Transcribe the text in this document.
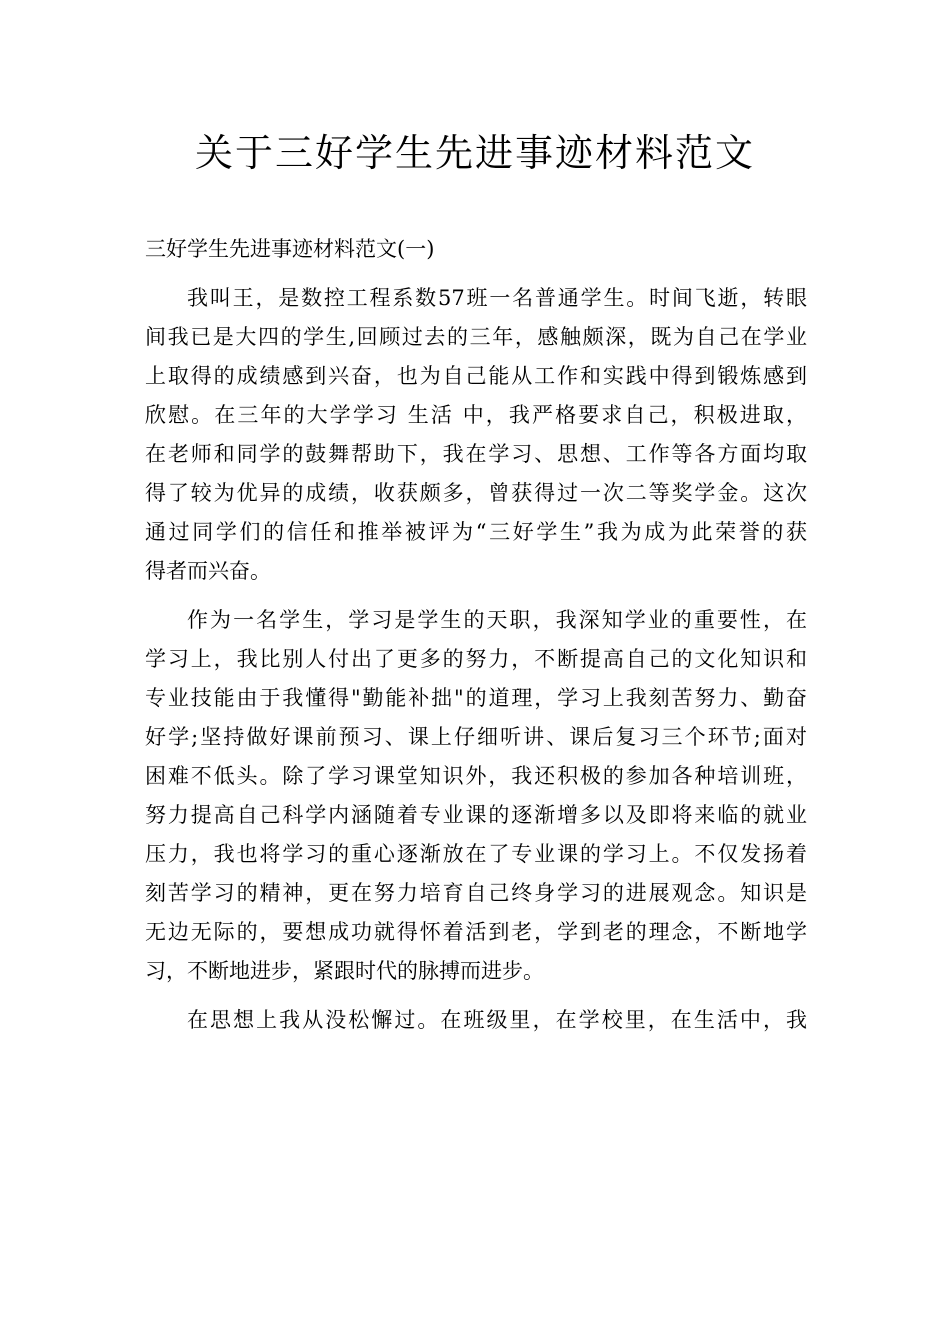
关于三好学生先进事迹材料范文

三好学生先进事迹材料范文(一)

我叫王，是数控工程系数57班一名普通学生。时间飞逝，转眼
间我已是大四的学生,回顾过去的三年，感触颇深，既为自己在学业
上取得的成绩感到兴奋，也为自己能从工作和实践中得到锻炼感到
欣慰。在三年的大学学习 生活 中，我严格要求自己，积极进取，
在老师和同学的鼓舞帮助下，我在学习、思想、工作等各方面均取
得了较为优异的成绩，收获颇多，曾获得过一次二等奖学金。这次
通过同学们的信任和推举被评为“三好学生”我为成为此荣誉的获
得者而兴奋。
作为一名学生，学习是学生的天职，我深知学业的重要性，在
学习上，我比别人付出了更多的努力，不断提高自己的文化知识和
专业技能由于我懂得"勤能补拙"的道理，学习上我刻苦努力、勤奋
好学;坚持做好课前预习、课上仔细听讲、课后复习三个环节;面对
困难不低头。除了学习课堂知识外，我还积极的参加各种培训班，
努力提高自己科学内涵随着专业课的逐渐增多以及即将来临的就业
压力，我也将学习的重心逐渐放在了专业课的学习上。不仅发扬着
刻苦学习的精神，更在努力培育自己终身学习的进展观念。知识是
无边无际的，要想成功就得怀着活到老，学到老的理念，不断地学
习，不断地进步，紧跟时代的脉搏而进步。
在思想上我从没松懈过。在班级里，在学校里，在生活中，我
